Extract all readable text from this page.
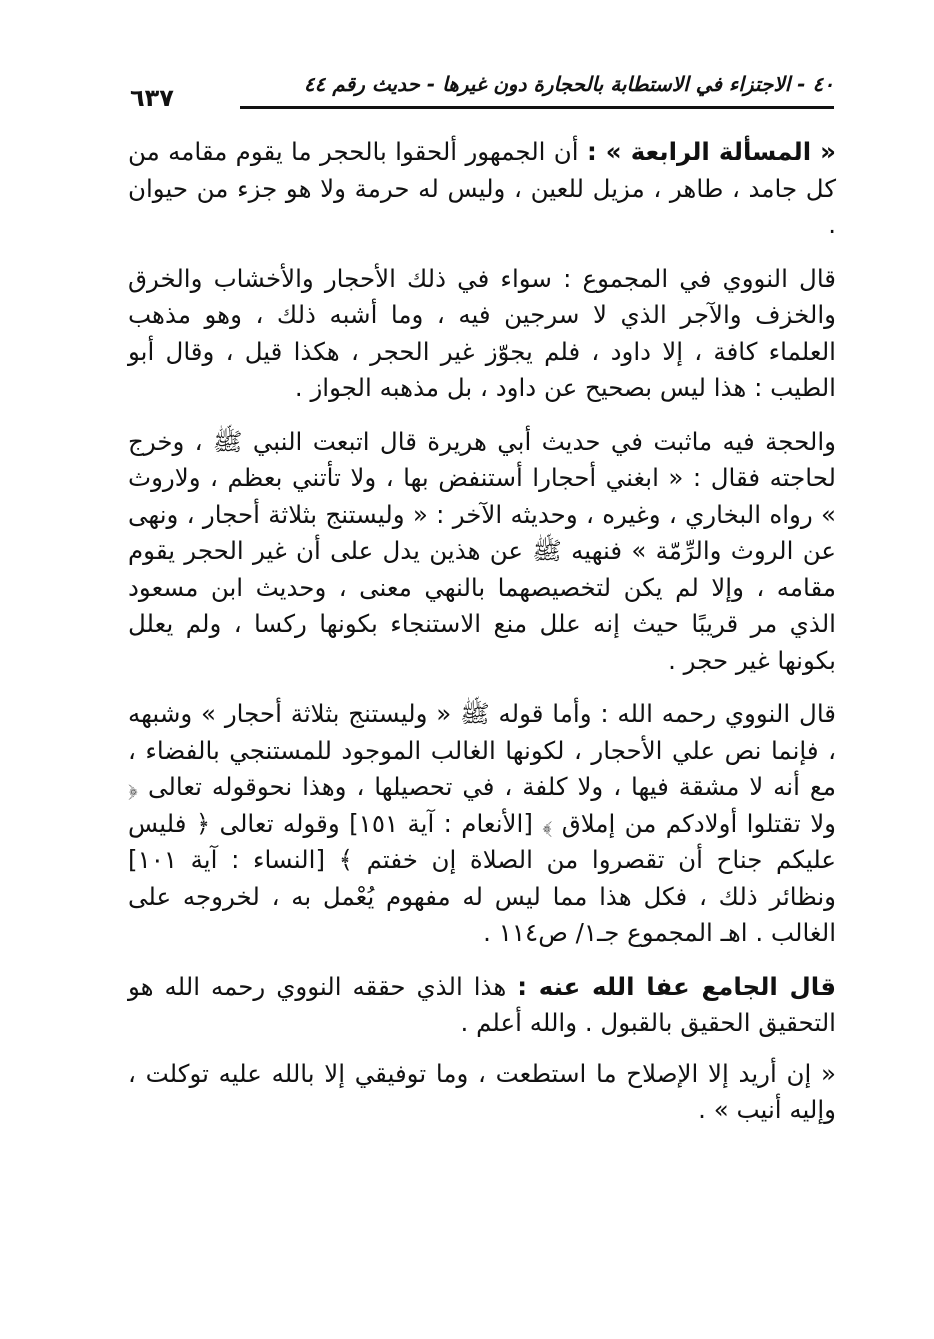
٤٠ - الاجتزاء في الاستطابة بالحجارة دون غيرها - حديث رقم ٤٤
٦٣٧

« المسألة الرابعة » : أن الجمهور ألحقوا بالحجر ما يقوم مقامه من كل جامد ، طاهر ، مزيل للعين ، وليس له حرمة ولا هو جزء من حيوان .

قال النووي في المجموع : سواء في ذلك الأحجار والأخشاب والخرق والخزف والآجر الذي لا سرجين فيه ، وما أشبه ذلك ، وهو مذهب العلماء كافة ، إلا داود ، فلم يجوّز غير الحجر ، هكذا قيل ، وقال أبو الطيب : هذا ليس بصحيح عن داود ، بل مذهبه الجواز .

والحجة فيه ماثبت في حديث أبي هريرة قال اتبعت النبي ﷺ ، وخرج لحاجته فقال : « ابغني أحجارا أستنفض بها ، ولا تأتني بعظم ، ولاروث » رواه البخاري ، وغيره ، وحديثه الآخر : « وليستنج بثلاثة أحجار ، ونهى عن الروث والرِّمّة » فنهيه ﷺ عن هذين يدل على أن غير الحجر يقوم مقامه ، وإلا لم يكن لتخصيصهما بالنهي معنى ، وحديث ابن مسعود الذي مر قريبًا حيث إنه علل منع الاستنجاء بكونها ركسا ، ولم يعلل بكونها غير حجر .

قال النووي رحمه الله : وأما قوله ﷺ « وليستنج بثلاثة أحجار » وشبهه ، فإنما نص علي الأحجار ، لكونها الغالب الموجود للمستنجي بالفضاء ، مع أنه لا مشقة فيها ، ولا كلفة ، في تحصيلها ، وهذا نحوقوله تعالى ﴿ ولا تقتلوا أولادكم من إملاق ﴾ [الأنعام : آية ١٥١] وقوله تعالى ﴿ فليس عليكم جناح أن تقصروا من الصلاة إن خفتم ﴾ [النساء : آية ١٠١] ونظائر ذلك ، فكل هذا مما ليس له مفهوم يُعْمل به ، لخروجه على الغالب . اهـ المجموع جـ١/ ص١١٤ .

قال الجامع عفا الله عنه : هذا الذي حققه النووي رحمه الله هو التحقيق الحقيق بالقبول . والله أعلم .

« إن أريد إلا الإصلاح ما استطعت ، وما توفيقي إلا بالله عليه توكلت ، وإليه أنيب » .
